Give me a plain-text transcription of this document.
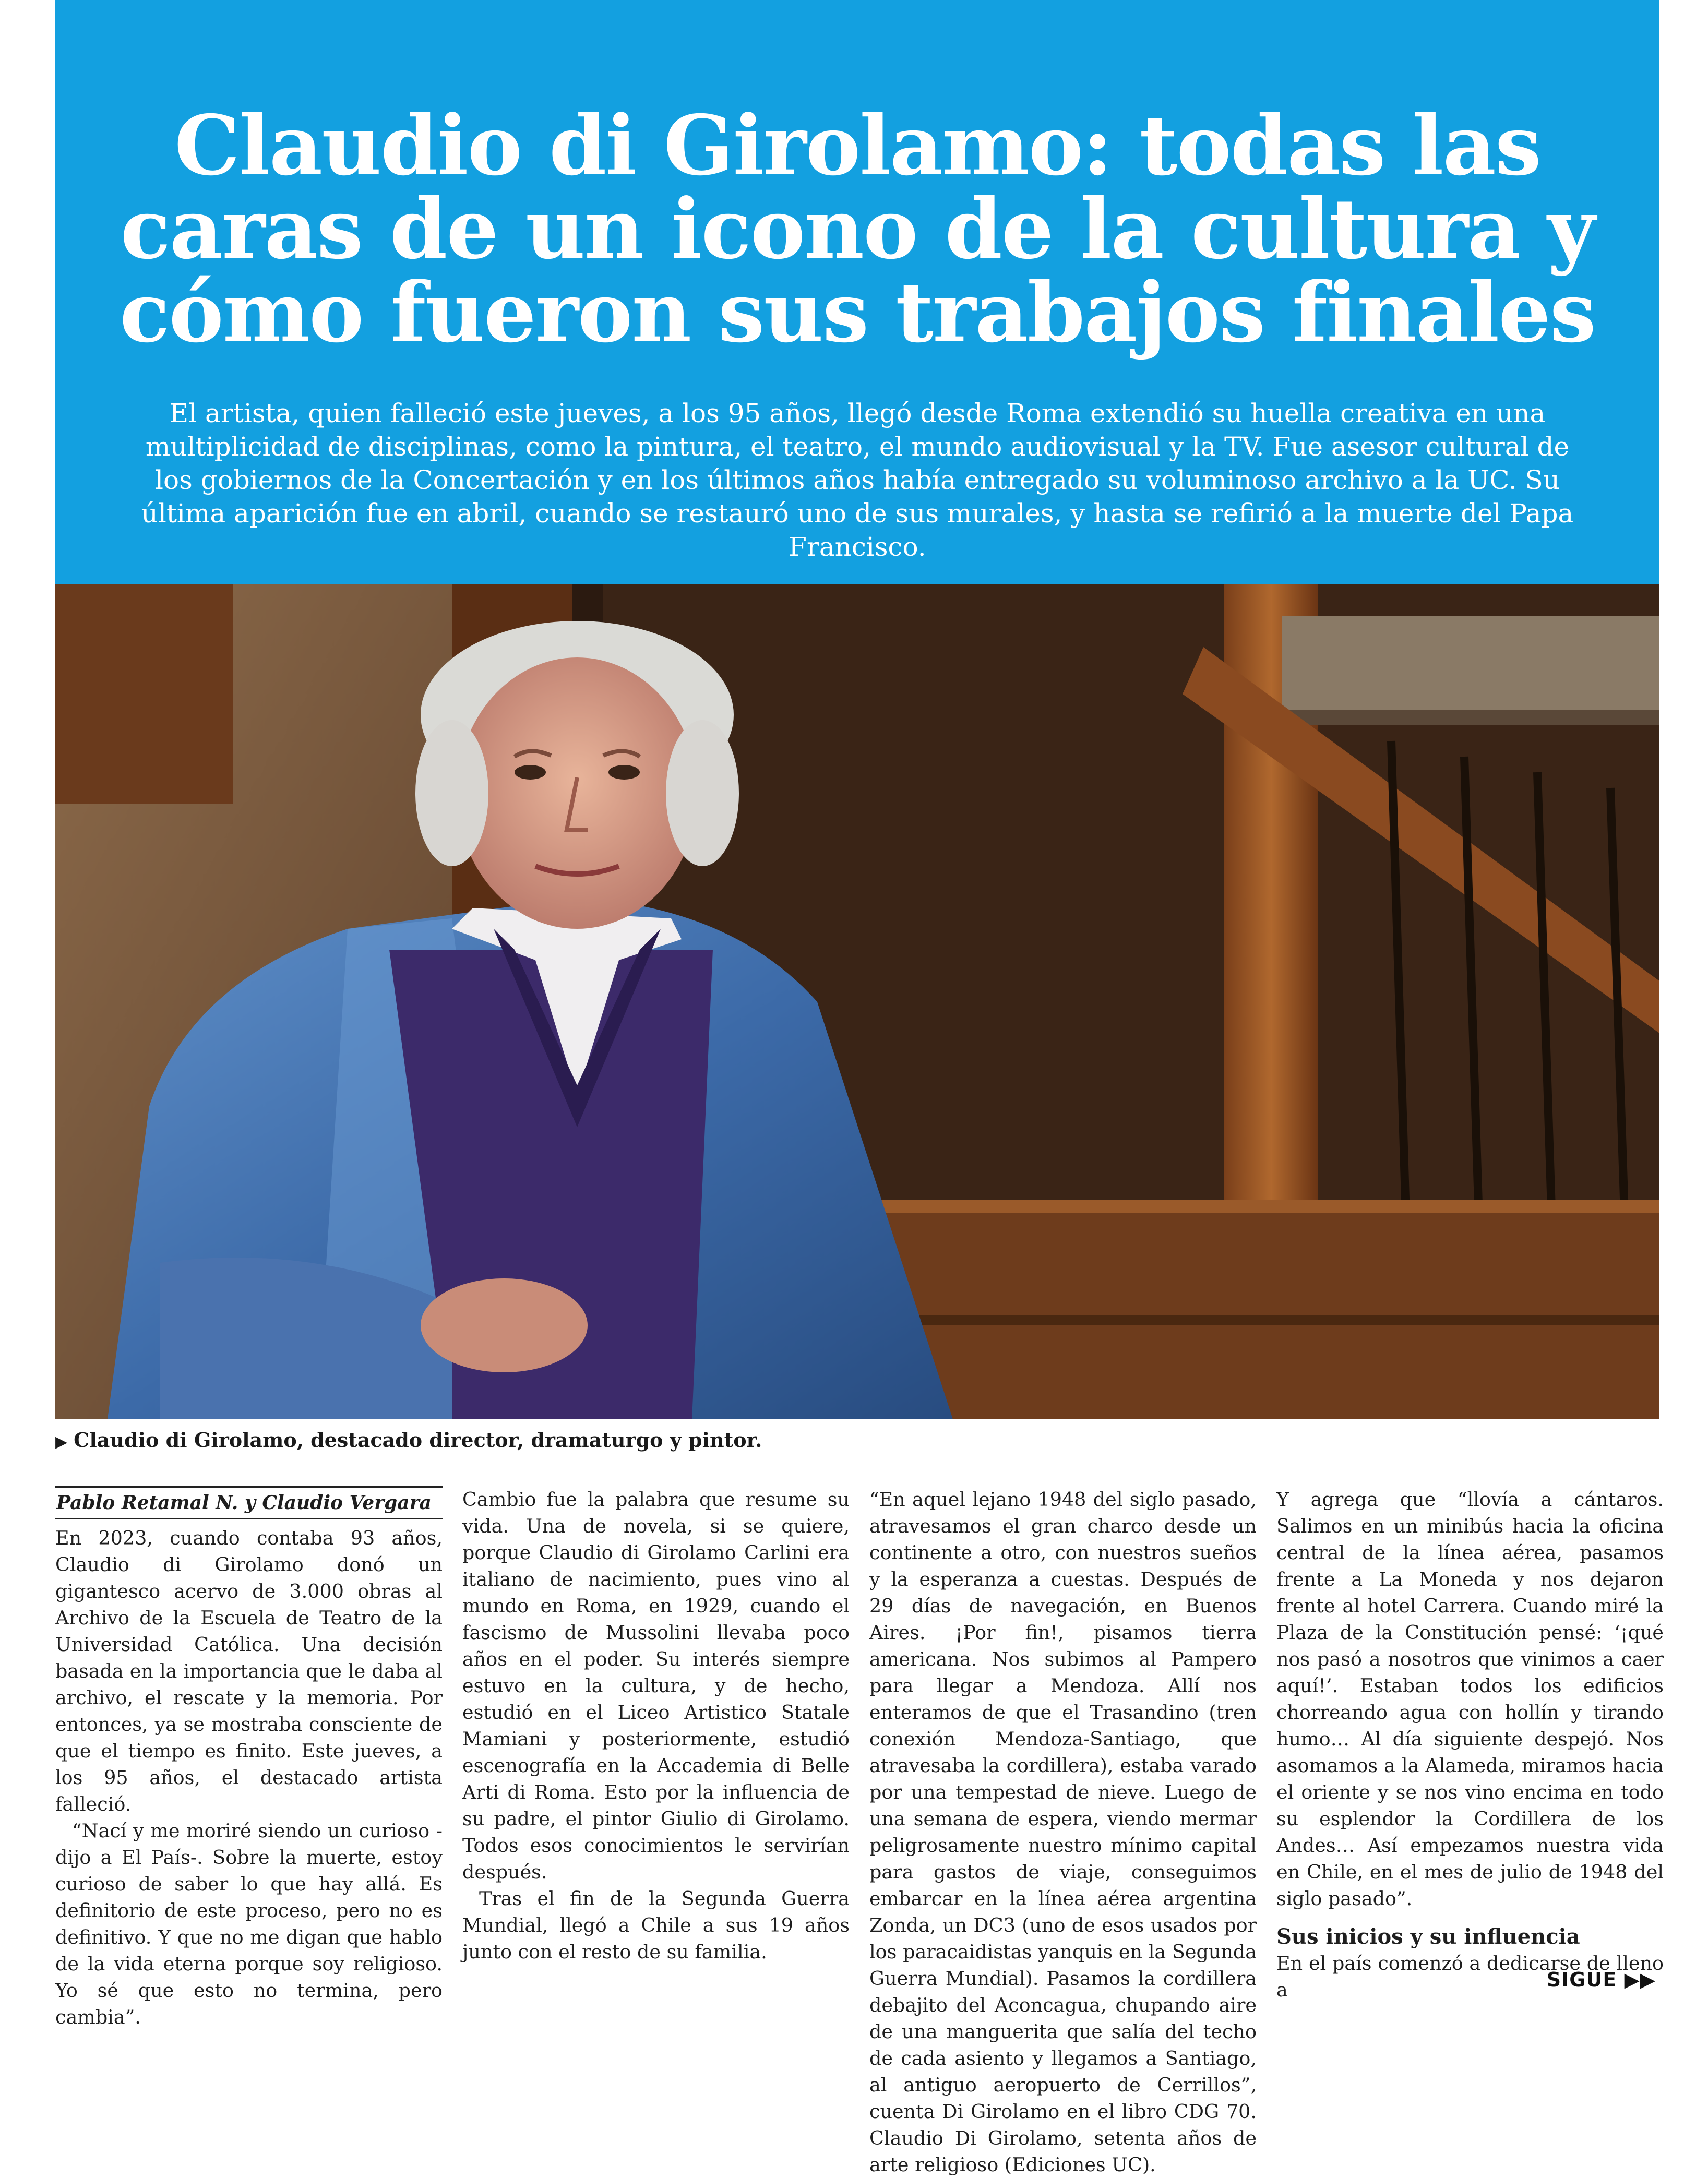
Claudio di Girolamo: todas las caras de un icono de la cultura y cómo fueron sus trabajos finales

El artista, quien falleció este jueves, a los 95 años, llegó desde Roma extendió su huella creativa en una multiplicidad de disciplinas, como la pintura, el teatro, el mundo audiovisual y la TV. Fue asesor cultural de los gobiernos de la Concertación y en los últimos años había entregado su voluminoso archivo a la UC. Su última aparición fue en abril, cuando se restauró uno de sus murales, y hasta se refirió a la muerte del Papa Francisco.

▶ Claudio di Girolamo, destacado director, dramaturgo y pintor.
Pablo Retamal N. y Claudio Vergara

En 2023, cuando contaba 93 años, Claudio di Girolamo donó un gigantesco acervo de 3.000 obras al Archivo de la Escuela de Teatro de la Universidad Católica. Una decisión basada en la importancia que le daba al archivo, el rescate y la memoria. Por entonces, ya se mostraba consciente de que el tiempo es finito. Este jueves, a los 95 años, el destacado artista falleció.

“Nací y me moriré siendo un curioso -dijo a El País-. Sobre la muerte, estoy curioso de saber lo que hay allá. Es definitorio de este proceso, pero no es definitivo. Y que no me digan que hablo de la vida eterna porque soy religioso. Yo sé que esto no termina, pero cambia”.

Cambio fue la palabra que resume su vida. Una de novela, si se quiere, porque Claudio di Girolamo Carlini era italiano de nacimiento, pues vino al mundo en Roma, en 1929, cuando el fascismo de Mussolini llevaba poco años en el poder. Su interés siempre estuvo en la cultura, y de hecho, estudió en el Liceo Artistico Statale Mamiani y posteriormente, estudió escenografía en la Accademia di Belle Arti di Roma. Esto por la influencia de su padre, el pintor Giulio di Girolamo. Todos esos conocimientos le servirían después.

Tras el fin de la Segunda Guerra Mundial, llegó a Chile a sus 19 años junto con el resto de su familia.

“En aquel lejano 1948 del siglo pasado, atravesamos el gran charco desde un continente a otro, con nuestros sueños y la esperanza a cuestas. Después de 29 días de navegación, en Buenos Aires. ¡Por fin!, pisamos tierra americana. Nos subimos al Pampero para llegar a Mendoza. Allí nos enteramos de que el Trasandino (tren conexión Mendoza-Santiago, que atravesaba la cordillera), estaba varado por una tempestad de nieve. Luego de una semana de espera, viendo mermar peligrosamente nuestro mínimo capital para gastos de viaje, conseguimos embarcar en la línea aérea argentina Zonda, un DC3 (uno de esos usados por los paracaidistas yanquis en la Segunda Guerra Mundial). Pasamos la cordillera debajito del Aconcagua, chupando aire de una manguerita que salía del techo de cada asiento y llegamos a Santiago, al antiguo aeropuerto de Cerrillos”, cuenta Di Girolamo en el libro CDG 70. Claudio Di Girolamo, setenta años de arte religioso (Ediciones UC).

Y agrega que “llovía a cántaros. Salimos en un minibús hacia la oficina central de la línea aérea, pasamos frente a La Moneda y nos dejaron frente al hotel Carrera. Cuando miré la Plaza de la Constitución pensé: ‘¡qué nos pasó a nosotros que vinimos a caer aquí!’. Estaban todos los edificios chorreando agua con hollín y tirando humo… Al día siguiente despejó. Nos asomamos a la Alameda, miramos hacia el oriente y se nos vino encima en todo su esplendor la Cordillera de los Andes… Así empezamos nuestra vida en Chile, en el mes de julio de 1948 del siglo pasado”.

Sus inicios y su influencia

En el país comenzó a dedicarse de lleno a	SIGUE ▶▶
